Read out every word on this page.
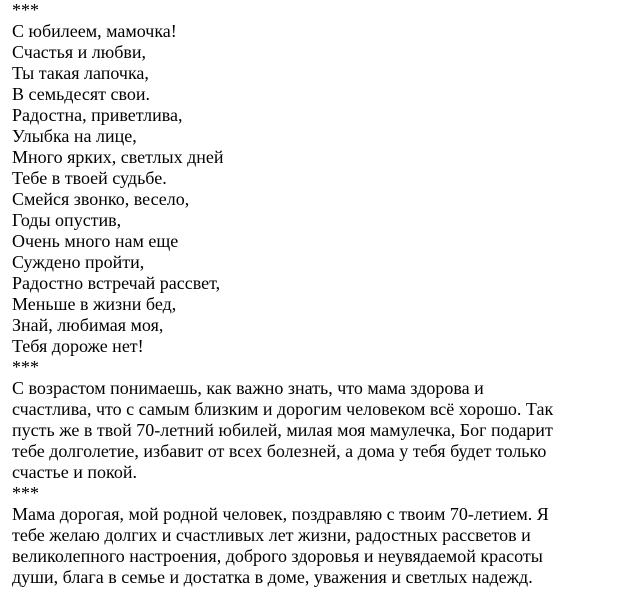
***
С юбилеем, мамочка!
Счастья и любви,
Ты такая лапочка,
В семьдесят свои.
Радостна, приветлива,
Улыбка на лице,
Много ярких, светлых дней
Тебе в твоей судьбе.
Смейся звонко, весело,
Годы опустив,
Очень много нам еще
Суждено пройти,
Радостно встречай рассвет,
Меньше в жизни бед,
Знай, любимая моя,
Тебя дороже нет!
***
С возрастом понимаешь, как важно знать, что мама здорова и
счастлива, что с самым близким и дорогим человеком всё хорошо. Так
пусть же в твой 70-летний юбилей, милая моя мамулечка, Бог подарит
тебе долголетие, избавит от всех болезней, а дома у тебя будет только
счастье и покой.
***
Мама дорогая, мой родной человек, поздравляю с твоим 70-летием. Я
тебе желаю долгих и счастливых лет жизни, радостных рассветов и
великолепного настроения, доброго здоровья и неувядаемой красоты
души, блага в семье и достатка в доме, уважения и светлых надежд.
